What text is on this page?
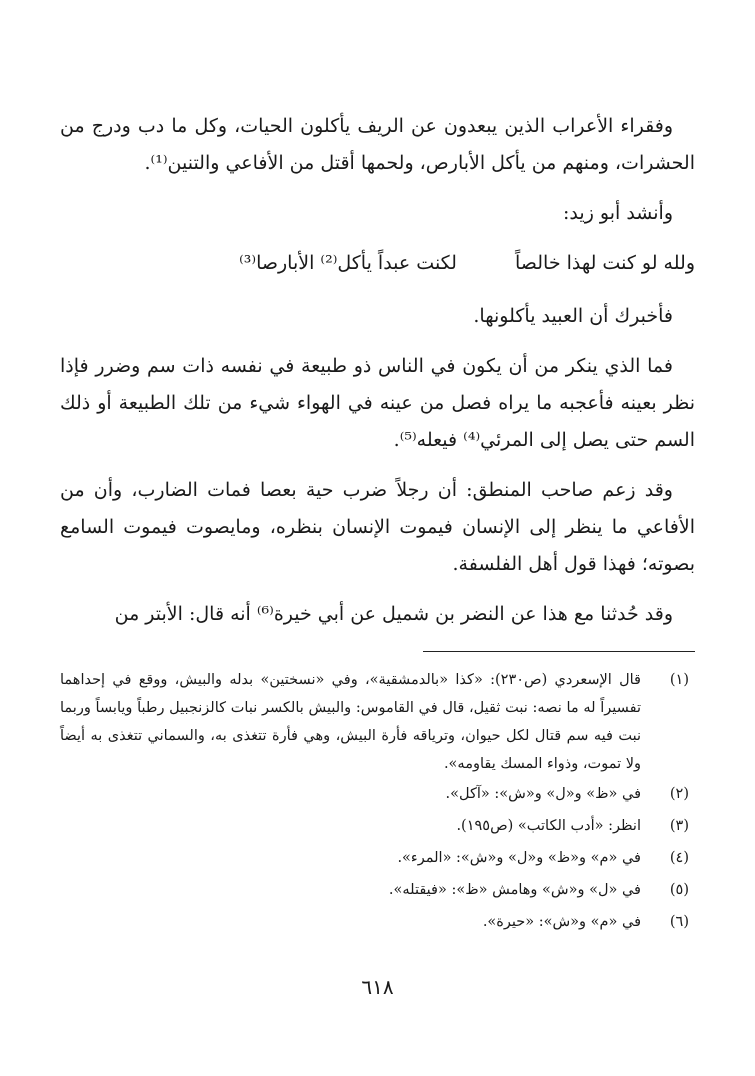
وفقراء الأعراب الذين يبعدون عن الريف يأكلون الحيات، وكل ما دب ودرج من الحشرات، ومنهم من يأكل الأبارص، ولحمها أقتل من الأفاعي والتنين⁽¹⁾.

وأنشد أبو زيد:

ولله لو كنت لهذا خالصاً
لكنت عبداً يأكل⁽²⁾ الأبارصا⁽³⁾

فأخبرك أن العبيد يأكلونها.

فما الذي ينكر من أن يكون في الناس ذو طبيعة في نفسه ذات سم وضرر فإذا نظر بعينه فأعجبه ما يراه فصل من عينه في الهواء شيء من تلك الطبيعة أو ذلك السم حتى يصل إلى المرئي⁽⁴⁾ فيعله⁽⁵⁾.

وقد زعم صاحب المنطق: أن رجلاً ضرب حية بعصا فمات الضارب، وأن من الأفاعي ما ينظر إلى الإنسان فيموت الإنسان بنظره، ومايصوت فيموت السامع بصوته؛ فهذا قول أهل الفلسفة.

وقد حُدثنا مع هذا عن النضر بن شميل عن أبي خيرة⁽⁶⁾ أنه قال: الأبتر من

(١)
قال الإسعردي (ص٢٣٠): «كذا «بالدمشقية»، وفي «نسختين» بدله والبيش، ووقع في إحداهما تفسيراً له ما نصه: نبت ثقيل، قال في القاموس: والبيش بالكسر نبات كالزنجبيل رطباً ويابساً وربما نبت فيه سم قتال لكل حيوان، وترياقه فأرة البيش، وهي فأرة تتغذى به، والسماني تتغذى به أيضاً ولا تموت، وذواء المسك يقاومه».
(٢)
في «ظ» و«ل» و«ش»: «آكل».
(٣)
انظر: «أدب الكاتب» (ص١٩٥).
(٤)
في «م» و«ظ» و«ل» و«ش»: «المرء».
(٥)
في «ل» و«ش» وهامش «ظ»: «فيقتله».
(٦)
في «م» و«ش»: «حيرة».
٦١٨
